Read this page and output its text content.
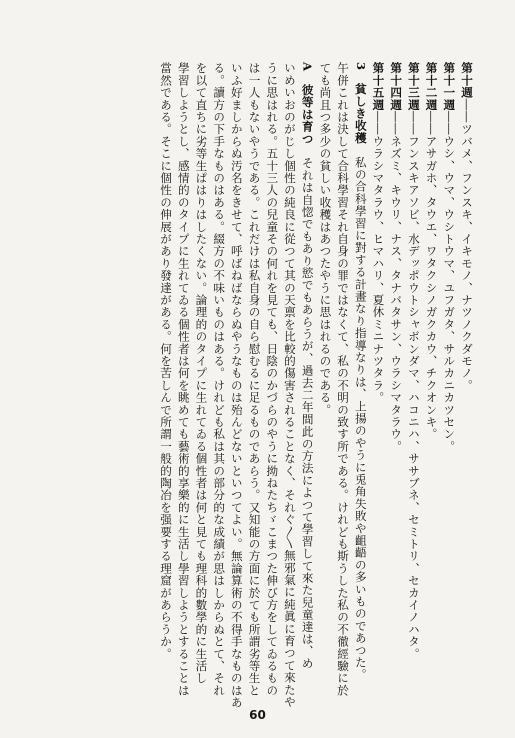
第十週――ツバメ、フンスキ、イキモノ、ナツノクダモノ。
第十一週――ウシ、ウマ、ウシトウマ、ユフガタ、サルカニカツセン。
第十二週――アサガホ、タウエ、ワタクシノガクカウ、チクオンキ。
第十三週――フンスキアソビ、水デッポウトシャボンダマ、ハコニハ、ササブネ、セミトリ、セカイノハタ。
第十四週――ネズミ、キウリ、ナス、タナバタサン、ウラシマタラウ。
第十五週――ウラシマタラウ、ヒマハリ、夏休ミニナツタラ。
3　貧しき收穫　私の合科學習に對する計畫なり指導なりは、上揚のやうに兎角失敗や齟齬の多いものであつた。
午併これは決して合科學習それ自身の罪ではなくて、私の不明の致す所である。けれども斯うした私の不徹經驗に於
ても尚且つ多少の貧しい收穫はあつたやうに思はれるのである。
A　彼等は育つ　それは自惚でもあり慾でもあらうが、過去二年間此の方法によつて學習して來た兒童達は、め
いめいおのがじし個性の純良に從つて其の天禀を比較的傷害されることなく、それぐ〳〵無邪氣に純眞に育つて來たや
うに思はれる。五十三人の兒童その何れを見ても、日陰のかづらのやうに拗ねたちゞこまつた伸び方をしてゐるもの
は一人もないやうである。これだけは私自身の自ら慰むるに足るものであらう。又知能の方面に於ても所謂劣等生と
いふ好ましからぬ汚名をきせて、呼ばねばならぬやうなものは殆んどないといつてよい。無論算術の不得手なものはあ
る。讀方の下手なものはある。綴方の不味いものはある。けれども私は其の部分的な成績が思はしからぬとて、それ
を以て直ちに劣等生ぱはりはしたくない。論理的のタイプに生れてゐる個性者は何と見ても理科的數學的に生活し
學習しようとし、感情的のタイプに生れてゐる個性者は何を眺めても藝術的享樂的に生活し學習しようとすることは
當然である。そこに個性の伸展があり發達がある。何を苦しんで所謂一般的陶冶を强要する理窟があらうか。
60
